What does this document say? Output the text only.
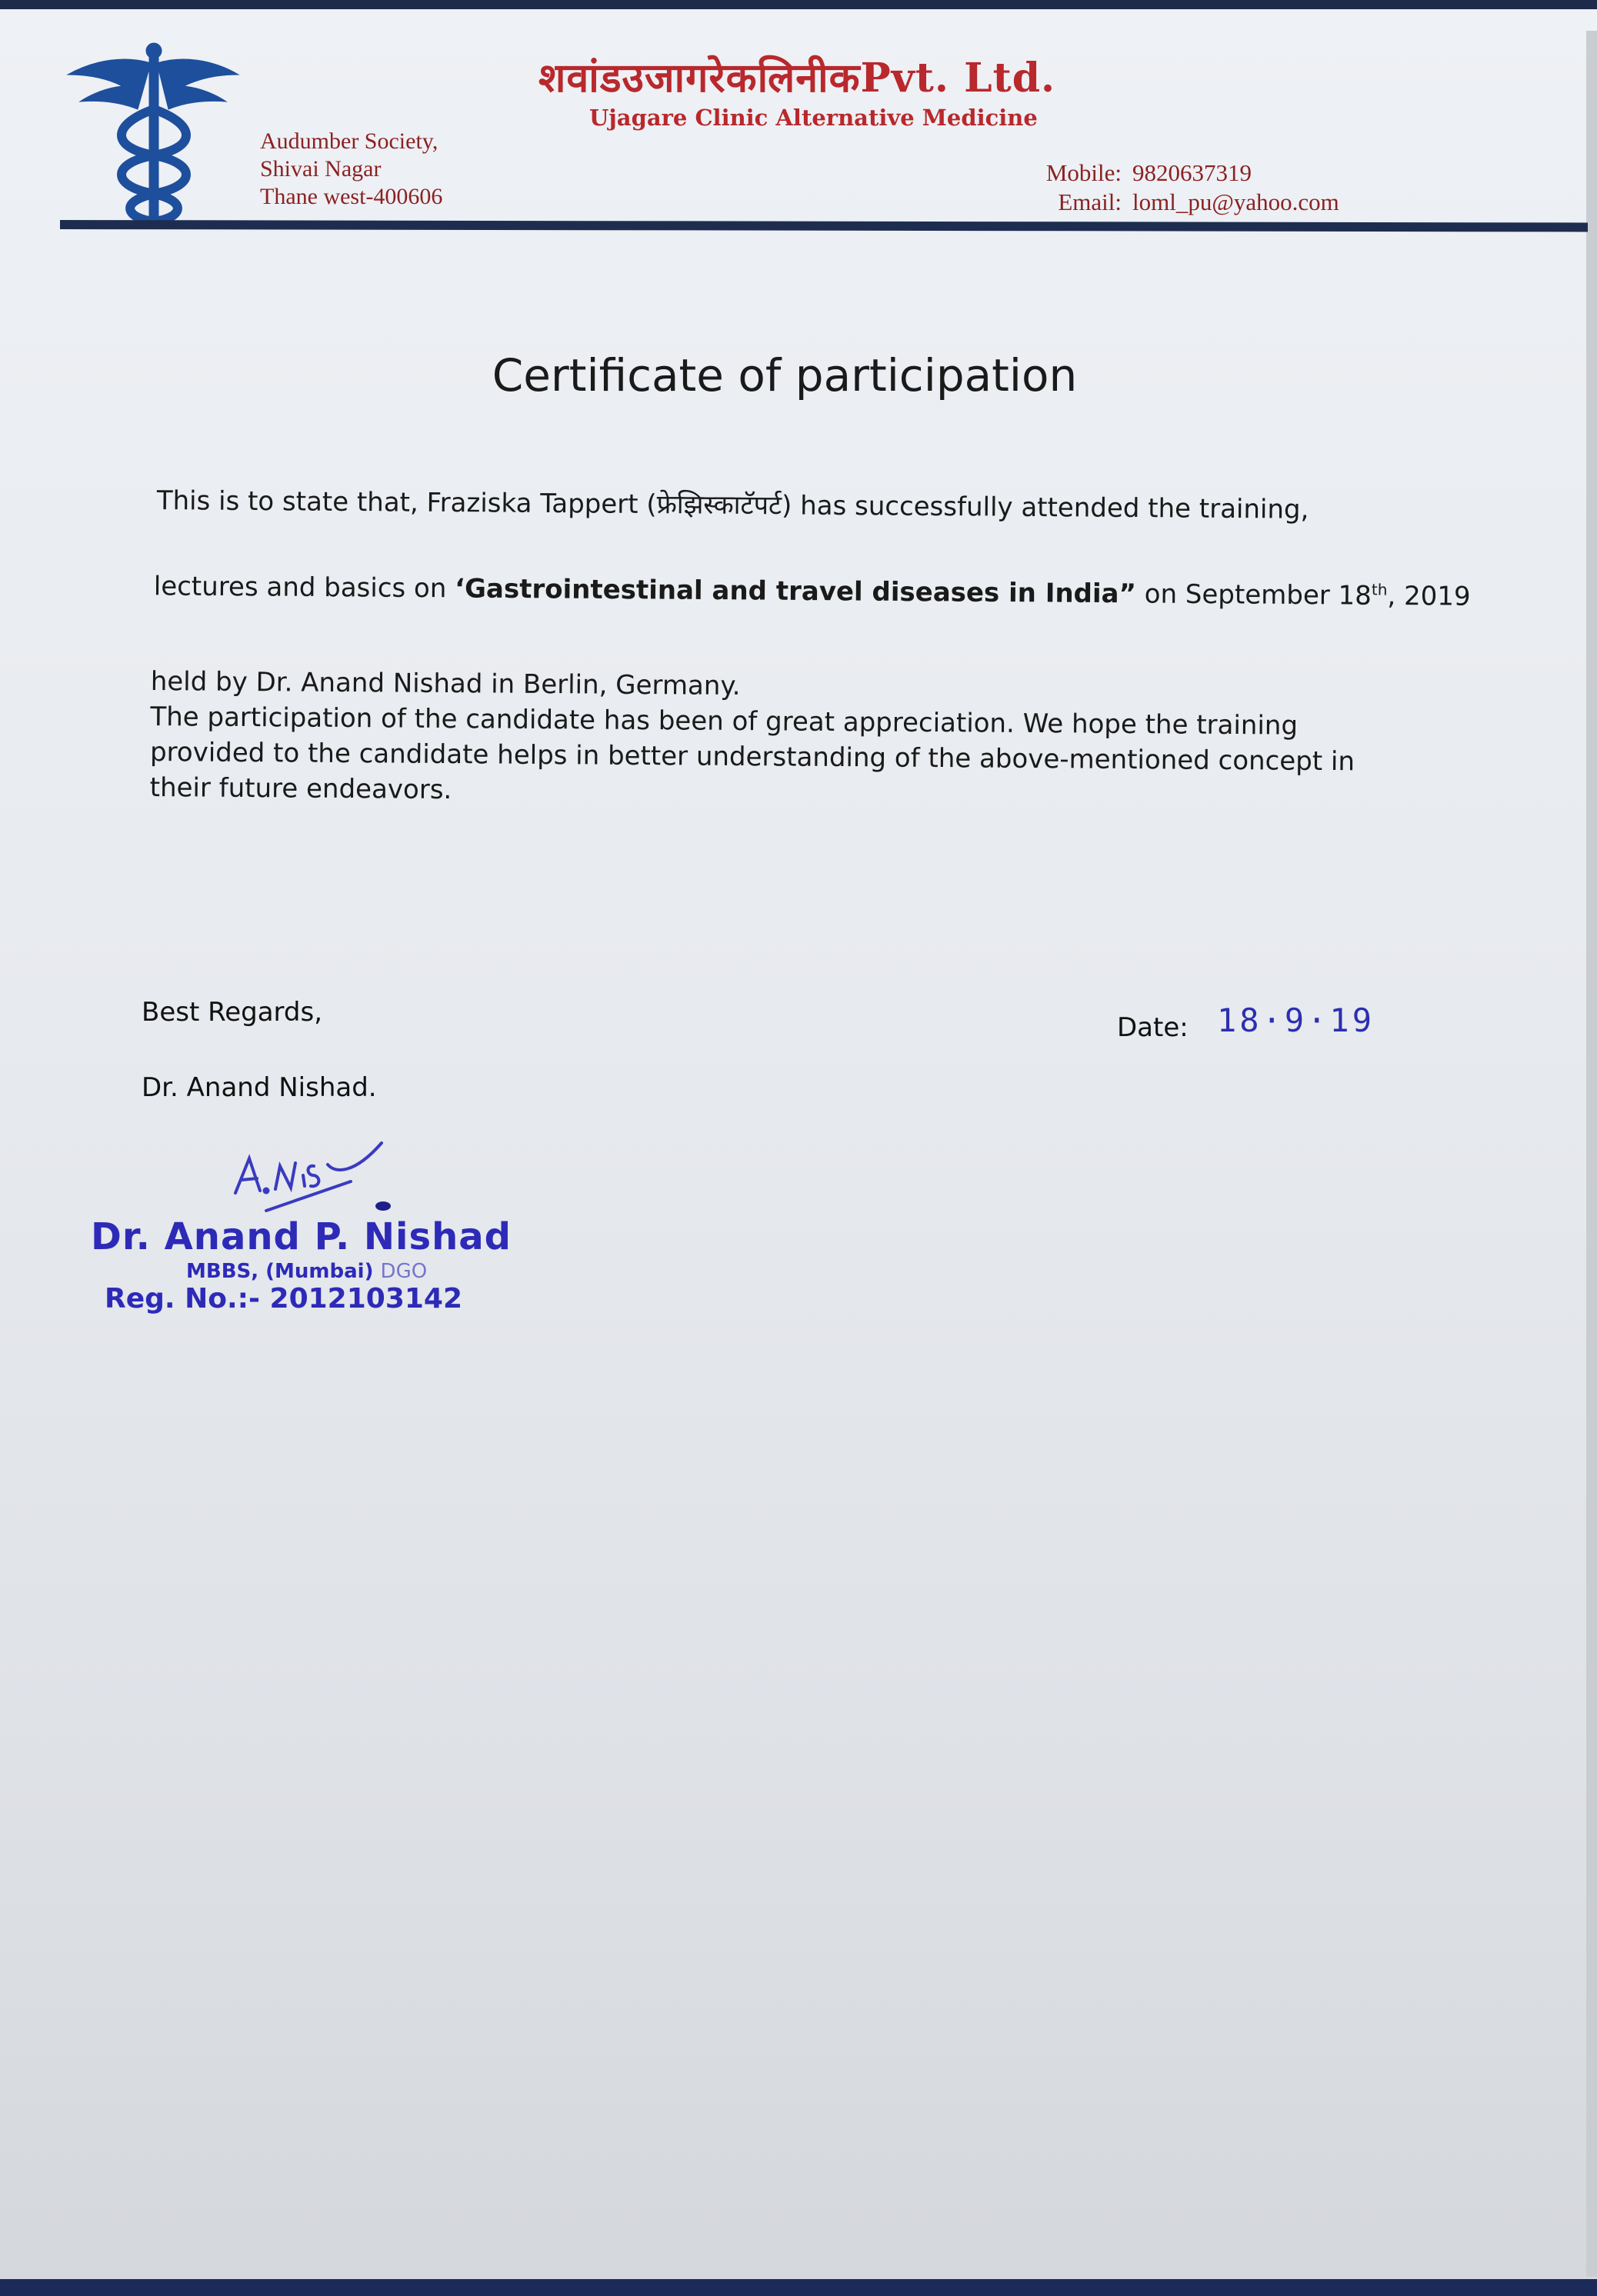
शवांडउजागरेकलिनीकPvt. Ltd.
Ujagare Clinic Alternative Medicine
Audumber Society,
Shivai Nagar
Thane west-400606
Mobile: 9820637319
Email: loml_pu@yahoo.com
Certificate of participation
This is to state that, Fraziska Tappert (फ्रेझिस्काटॅपर्ट) has successfully attended the training,
lectures and basics on ‘Gastrointestinal and travel diseases in India” on September 18th, 2019
held by Dr. Anand Nishad in Berlin, Germany.
The participation of the candidate has been of great appreciation. We hope the training
provided to the candidate helps in better understanding of the above-mentioned concept in
their future endeavors.
Best Regards,
Dr. Anand Nishad.
Date: 18·9·19
Dr. Anand P. Nishad
MBBS, (Mumbai) DGO
Reg. No.:- 2012103142
